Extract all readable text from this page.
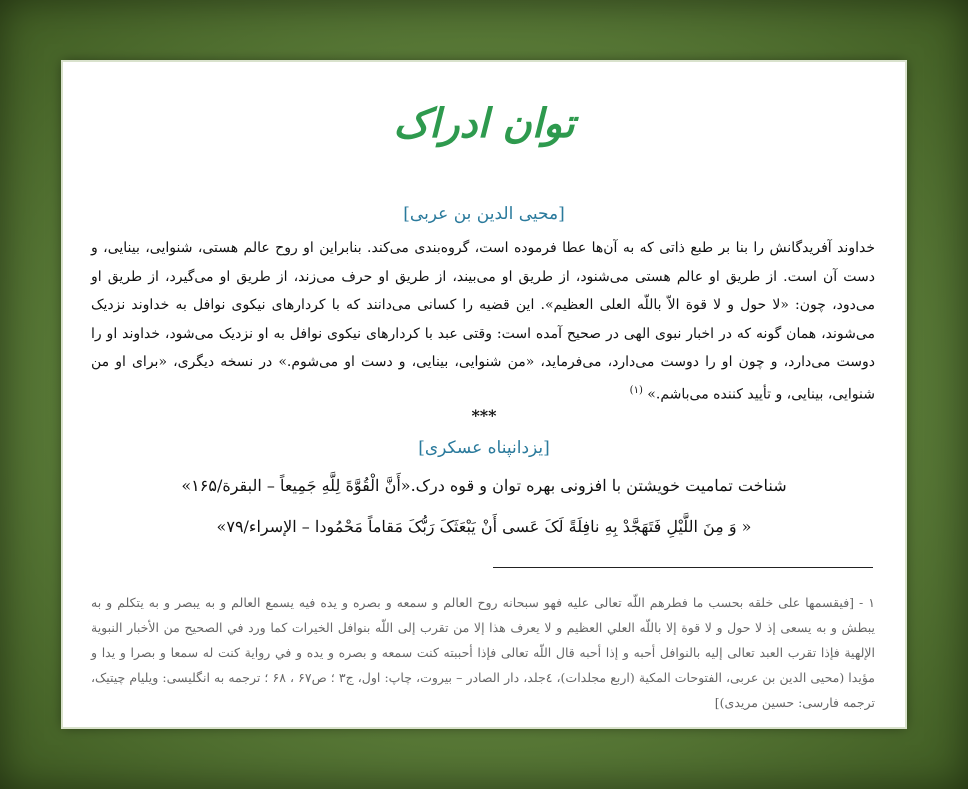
توان ادراک
[محیی الدین بن عربی]
خداوند آفریدگانش را بنا بر طبع ذاتی که به آن‌ها عطا فرموده است، گروه‌بندی می‌کند. بنابراین او روح عالم هستی، شنوایی، بینایی، و دست آن است. از طریق او عالم هستی می‌شنود، از طریق او می‌بیند، از طریق او حرف می‌زند، از طریق او می‌گیرد، از طریق او می‌دود، چون: «لا حول و لا قوة الاّ باللّه العلی العظیم». این قضیه را کسانی می‌دانند که با کردارهای نیکوی نوافل به خداوند نزدیک می‌شوند، همان گونه که در اخبار نبوی الهی در صحیح آمده است: وقتی عبد با کردارهای نیکوی نوافل به او نزدیک می‌شود، خداوند او را دوست می‌دارد، و چون او را دوست می‌دارد، می‌فرماید، «من شنوایی، بینایی، و دست او می‌شوم.» در نسخه دیگری، «برای او من شنوایی، بینایی، و تأیید کننده می‌باشم.» $^{(۱)}$
***
[یزدانپناه عسکری]
شناخت تمامیت خویشتن با افزونی بهره توان و قوه درک.«أَنَّ الْقُوَّةَ لِلَّهِ جَمِیعاً – البقرة/۱۶۵»
« وَ مِنَ اللَّیْلِ فَتَهَجَّدْ بِهِ نافِلَةً لَکَ عَسى‏ أَنْ یَبْعَثَکَ رَبُّکَ مَقاماً مَحْمُودا – الإسراء/۷۹»
۱ - [فیقسمها على خلقه بحسب ما فطرهم اللّه تعالى عليه فهو سبحانه روح العالم و سمعه و بصره و يده فيه يسمع العالم و به يبصر و به يتكلم و به يبطش و به يسعى إذ لا حول و لا قوة إلا باللّه العلي العظيم و لا يعرف هذا إلا من تقرب إلى اللّه بنوافل الخيرات كما ورد في الصحيح من الأخبار النبوية الإلهية فإذا تقرب العبد تعالى إليه بالنوافل أحبه و إذا أحبه قال اللّه تعالى فإذا أحببته كنت سمعه و بصره و يده و في رواية كنت له سمعا و بصرا و يدا و مؤيدا (محیی الدین بن عربی، الفتوحات المكية (اربع مجلدات)، ٤جلد، دار الصادر – بيروت، چاپ: اول، ج۳ ؛ ص۶۷ ، ۶۸ ؛ ترجمه به انگلیسی: ویلیام چیتیک، ترجمه فارسی: حسین مریدی)]
